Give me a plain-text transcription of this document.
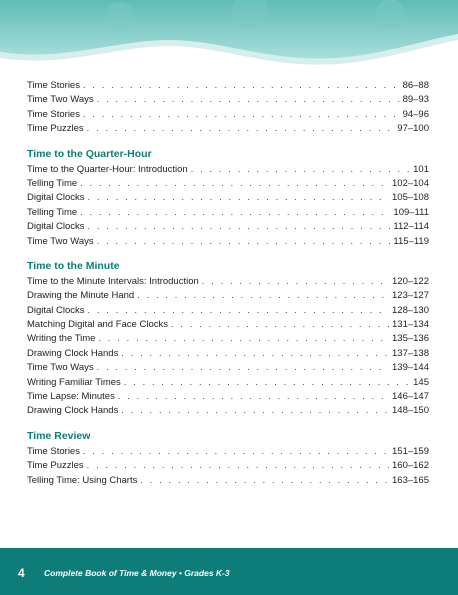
Time Stories . . .	86–88
Time Two Ways . . .	89–93
Time Stories . . .	94–96
Time Puzzles . . .	97–100
Time to the Quarter-Hour
Time to the Quarter-Hour: Introduction . . .	101
Telling Time . . .	102–104
Digital Clocks . . .	105–108
Telling Time . . .	109–111
Digital Clocks . . .	112–114
Time Two Ways . . .	115–119
Time to the Minute
Time to the Minute Intervals: Introduction . . .	120–122
Drawing the Minute Hand . . .	123–127
Digital Clocks . . .	128–130
Matching Digital and Face Clocks . . .	131–134
Writing the Time . . .	135–136
Drawing Clock Hands . . .	137–138
Time Two Ways . . .	139–144
Writing Familiar Times . . .	145
Time Lapse: Minutes . . .	146–147
Drawing Clock Hands . . .	148–150
Time Review
Time Stories . . .	151–159
Time Puzzles . . .	160–162
Telling Time: Using Charts . . .	163–165
4 Complete Book of Time & Money • Grades K-3
